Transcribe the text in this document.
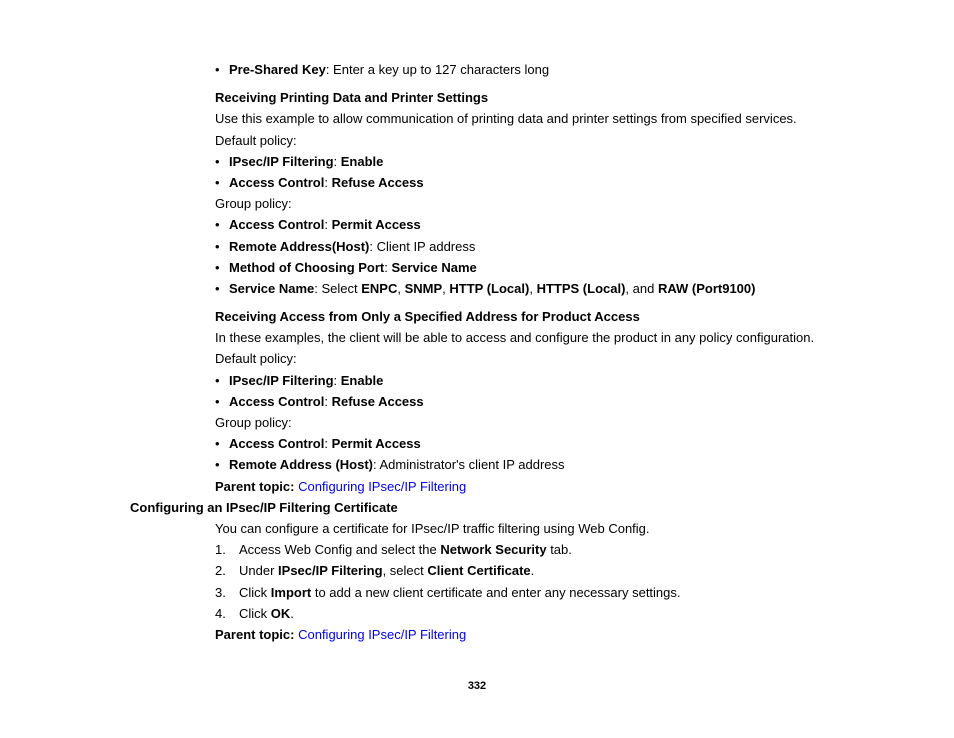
• Pre-Shared Key: Enter a key up to 127 characters long
Receiving Printing Data and Printer Settings
Use this example to allow communication of printing data and printer settings from specified services.
Default policy:
• IPsec/IP Filtering: Enable
• Access Control: Refuse Access
Group policy:
• Access Control: Permit Access
• Remote Address(Host): Client IP address
• Method of Choosing Port: Service Name
• Service Name: Select ENPC, SNMP, HTTP (Local), HTTPS (Local), and RAW (Port9100)
Receiving Access from Only a Specified Address for Product Access
In these examples, the client will be able to access and configure the product in any policy configuration.
Default policy:
• IPsec/IP Filtering: Enable
• Access Control: Refuse Access
Group policy:
• Access Control: Permit Access
• Remote Address (Host): Administrator's client IP address
Parent topic: Configuring IPsec/IP Filtering
Configuring an IPsec/IP Filtering Certificate
You can configure a certificate for IPsec/IP traffic filtering using Web Config.
1. Access Web Config and select the Network Security tab.
2. Under IPsec/IP Filtering, select Client Certificate.
3. Click Import to add a new client certificate and enter any necessary settings.
4. Click OK.
Parent topic: Configuring IPsec/IP Filtering
332
